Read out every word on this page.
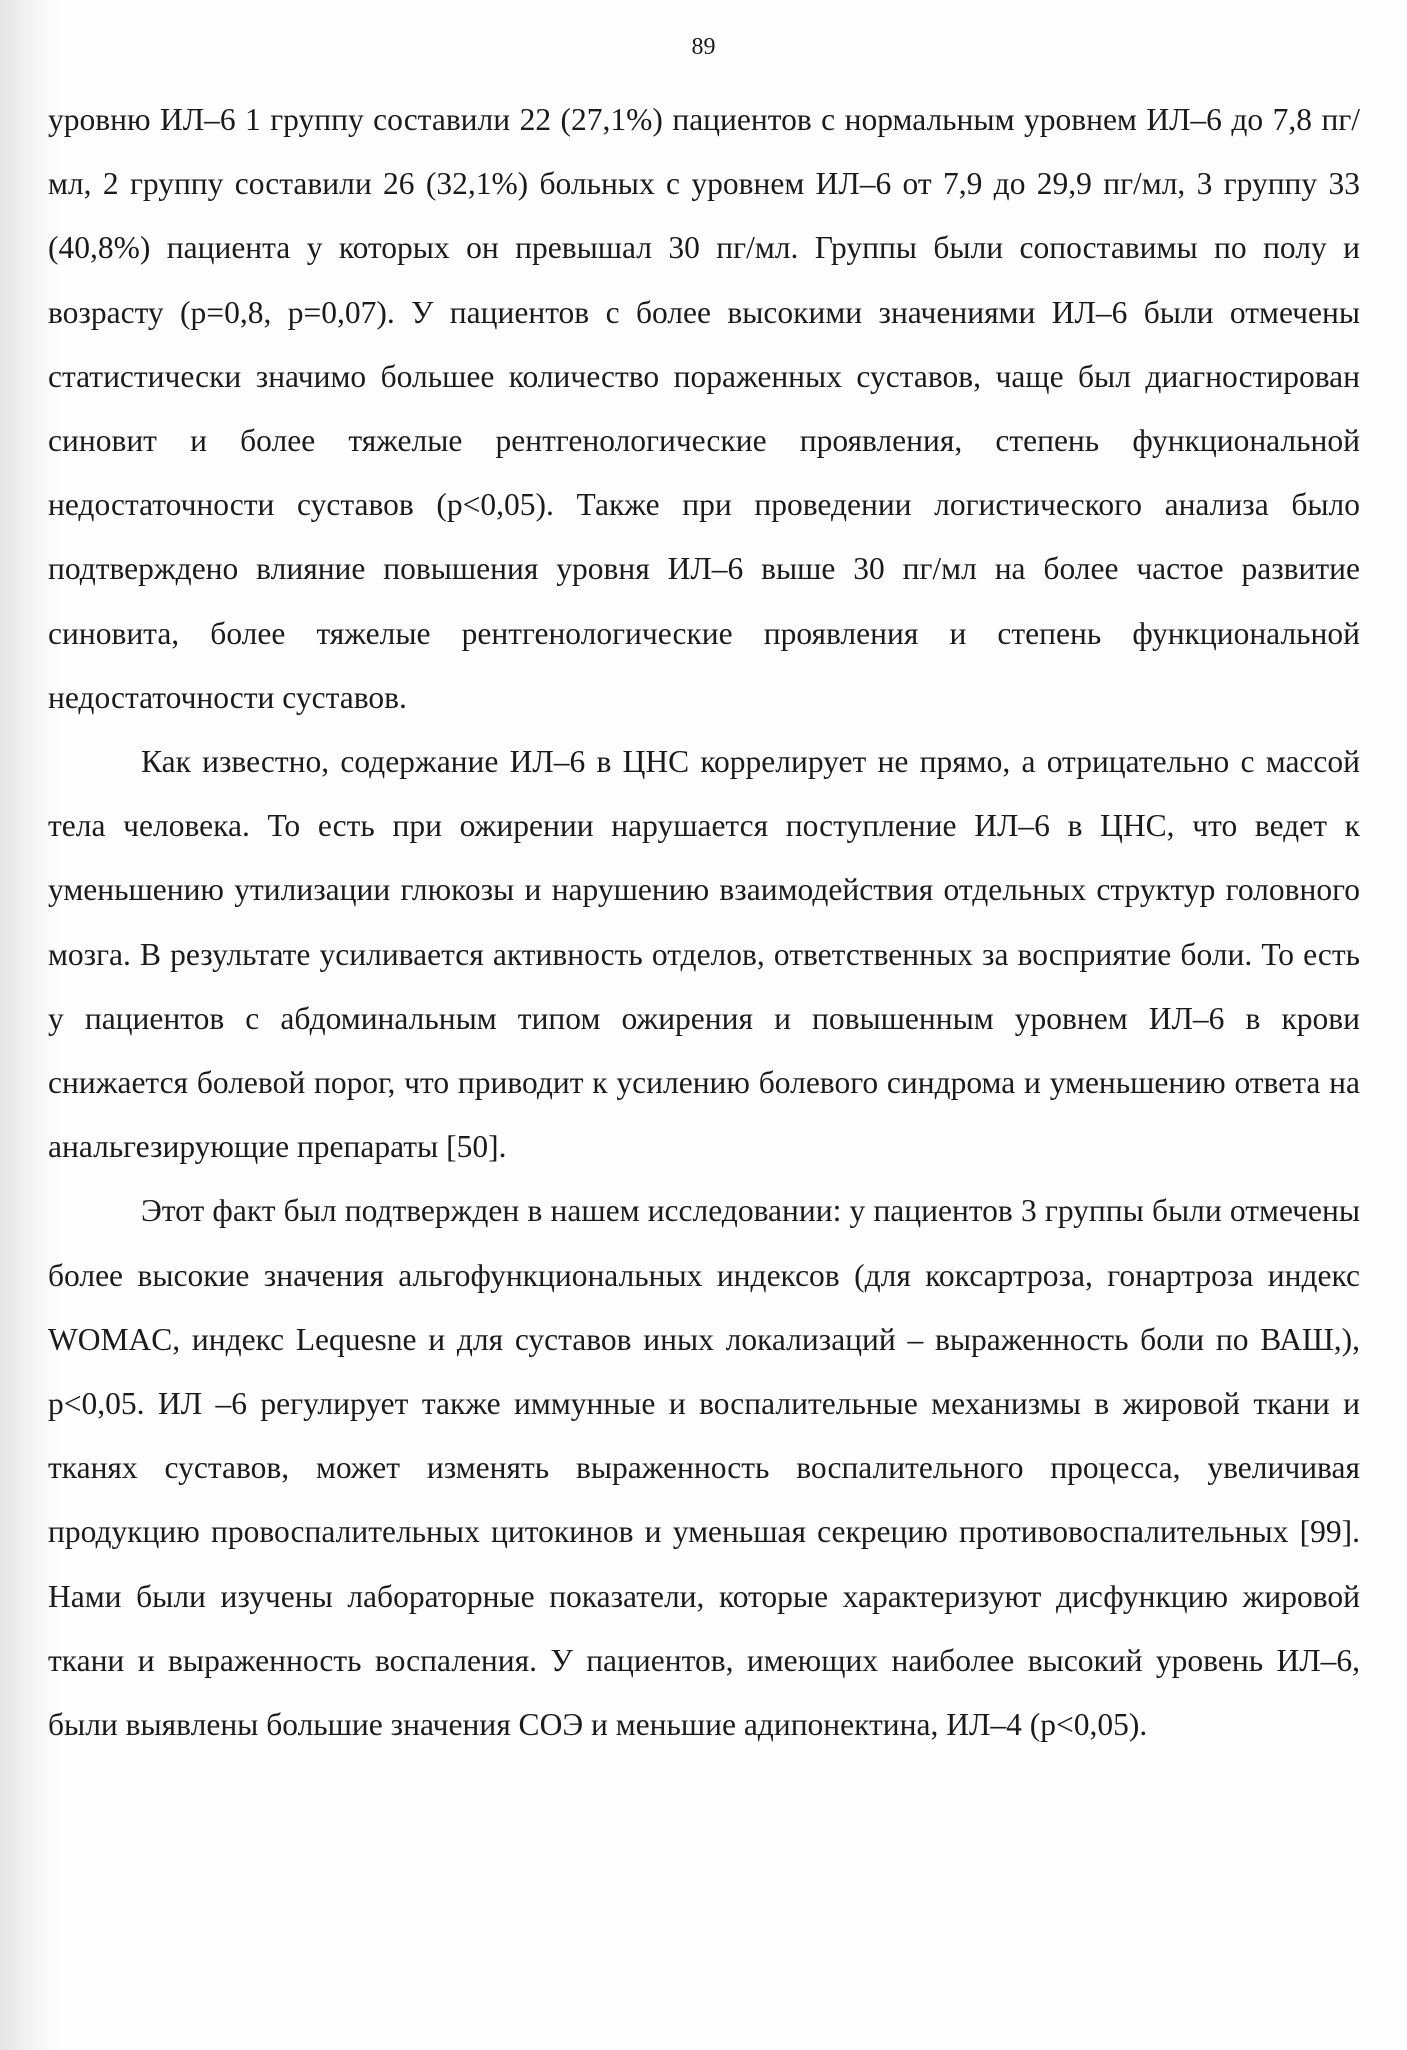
89

уровню ИЛ–6 1 группу составили 22 (27,1%) пациентов с нормальным уровнем ИЛ–6 до 7,8 пг/мл, 2 группу составили 26 (32,1%) больных с уровнем ИЛ–6 от 7,9 до 29,9 пг/мл, 3 группу 33 (40,8%) пациента у которых он превышал 30 пг/мл. Группы были сопоставимы по полу и возрасту (p=0,8, p=0,07). У пациентов с более высокими значениями ИЛ–6 были отмечены статистически значимо большее количество пораженных суставов, чаще был диагностирован синовит и более тяжелые рентгенологические проявления, степень функциональной недостаточности суставов (р<0,05). Также при проведении логистического анализа было подтверждено влияние повышения уровня ИЛ–6 выше 30 пг/мл на более частое развитие синовита, более тяжелые рентгенологические проявления и степень функциональной недостаточности суставов.

Как известно, содержание ИЛ–6 в ЦНС коррелирует не прямо, а отрицательно с массой тела человека. То есть при ожирении нарушается поступление ИЛ–6 в ЦНС, что ведет к уменьшению утилизации глюкозы и нарушению взаимодействия отдельных структур головного мозга. В результате усиливается активность отделов, ответственных за восприятие боли. То есть у пациентов с абдоминальным типом ожирения и повышенным уровнем ИЛ–6 в крови снижается болевой порог, что приводит к усилению болевого синдрома и уменьшению ответа на анальгезирующие препараты [50].

Этот факт был подтвержден в нашем исследовании: у пациентов 3 группы были отмечены более высокие значения альгофункциональных индексов (для коксартроза, гонартроза индекс WOMAC, индекс Lequesne и для суставов иных локализаций – выраженность боли по ВАШ,), р<0,05. ИЛ –6 регулирует также иммунные и воспалительные механизмы в жировой ткани и тканях суставов, может изменять выраженность воспалительного процесса, увеличивая продукцию провоспалительных цитокинов и уменьшая секрецию противовоспалительных [99]. Нами были изучены лабораторные показатели, которые характеризуют дисфункцию жировой ткани и выраженность воспаления. У пациентов, имеющих наиболее высокий уровень ИЛ–6, были выявлены большие значения СОЭ и меньшие адипонектина, ИЛ–4 (p<0,05).
